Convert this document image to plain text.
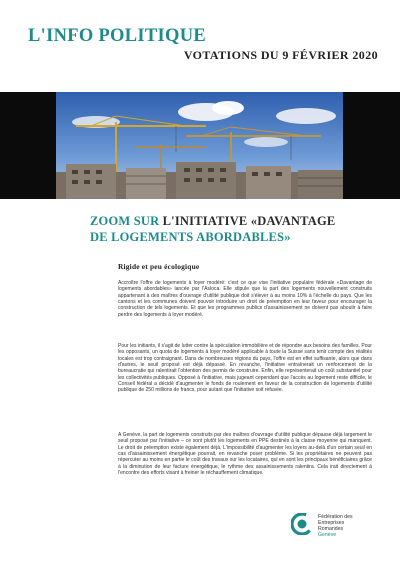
L'INFO POLITIQUE
VOTATIONS DU 9 FÉVRIER 2020
ZOOM SUR L'INITIATIVE «DAVANTAGE
DE LOGEMENTS ABORDABLES»
Rigide et peu écologique

Accroître l'offre de logements à loyer modéré: c'est ce que vise l'initiative populaire fédérale «Davantage de logements abordables» lancée par l'Asloca. Elle stipule que la part des logements nouvellement construits appartenant à des maîtres d'ouvrage d'utilité publique doit s'élever à au moins 10% à l'échelle du pays. Que les cantons et les communes doivent pouvoir introduire un droit de préemption en leur faveur pour encourager la construction de tels logements. Et que les programmes publics d'assainissement ne doivent pas aboutir à faire perdre des logements à loyer modéré.

Pour les initiants, il s'agit de lutter contre la spéculation immobilière et de répondre aux besoins des familles. Pour les opposants, un quota de logements à loyer modéré applicable à toute la Suisse sans tenir compte des réalités locales est trop contraignant. Dans de nombreuses régions du pays, l'offre est en effet suffisante, alors que dans d'autres, le seuil proposé est déjà dépassé. En revanche, l'initiative entraînerait un renforcement de la bureaucratie qui ralentirait l'obtention des permis de construire. Enfin, elle représenterait un coût substantiel pour les collectivités publiques. Opposé à l'initiative, mais jugeant cependant que l'accès au logement reste difficile, le Conseil fédéral a décidé d'augmenter le fonds de roulement en faveur de la construction de logements d'utilité publique de 250 millions de francs, pour autant que l'initiative soit refusée.

A Genève, la part de logements construits par des maîtres d'ouvrage d'utilité publique dépasse déjà largement le seuil proposé par l'initiative – ce sont plutôt les logements en PPE destinés à la classe moyenne qui manquent. Le droit de préemption existe également déjà. L'impossibilité d'augmenter les loyers au-delà d'un certain seuil en cas d'assainissement énergétique pourrait, en revanche poser problème. Si les propriétaires ne peuvent pas répercuter au moins en partie le coût des travaux sur les locataires, qui en sont les principaux bénéficiaires grâce à la diminution de leur facture énergétique, le rythme des assainissements ralentira. Cela irait directement à l'encontre des efforts visant à freiner le réchauffement climatique.

Fédération des
Entreprises
Romandes
Genève
